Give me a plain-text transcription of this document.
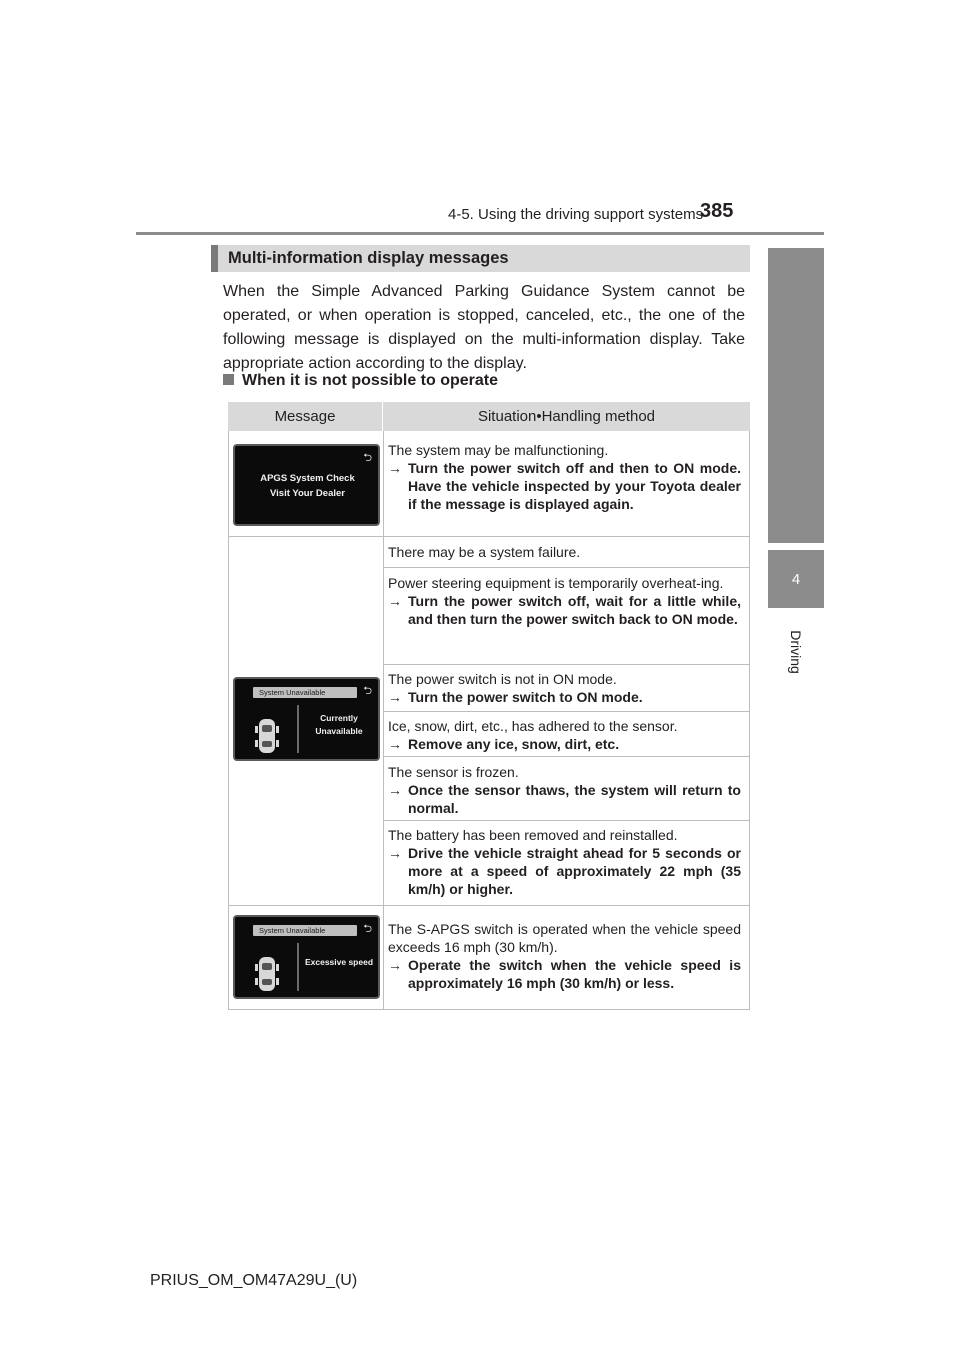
4-5. Using the driving support systems
385
4
Driving
Multi-information display messages
When the Simple Advanced Parking Guidance System cannot be operated, or when operation is stopped, canceled, etc., the one of the following message is displayed on the multi-information display. Take appropriate action according to the display.
When it is not possible to operate
Message	Situation•Handling method
⮌
APGS System Check
Visit Your Dealer
⮌
System Unavailable
Currently
Unavailable
⮌
System Unavailable
Excessive speed

The system may be malfunctioning.

→ Turn the power switch off and then to ON mode. Have the vehicle inspected by your Toyota dealer if the message is displayed again.

There may be a system failure.

Power steering equipment is temporarily overheat-ing.

→ Turn the power switch off, wait for a little while, and then turn the power switch back to ON mode.

The power switch is not in ON mode.

→ Turn the power switch to ON mode.

Ice, snow, dirt, etc., has adhered to the sensor.

→ Remove any ice, snow, dirt, etc.

The sensor is frozen.

→ Once the sensor thaws, the system will return to normal.

The battery has been removed and reinstalled.

→ Drive the vehicle straight ahead for 5 seconds or more at a speed of approximately 22 mph (35 km/h) or higher.

The S-APGS switch is operated when the vehicle speed exceeds 16 mph (30 km/h).

→ Operate the switch when the vehicle speed is approximately 16 mph (30 km/h) or less.

PRIUS_OM_OM47A29U_(U)
